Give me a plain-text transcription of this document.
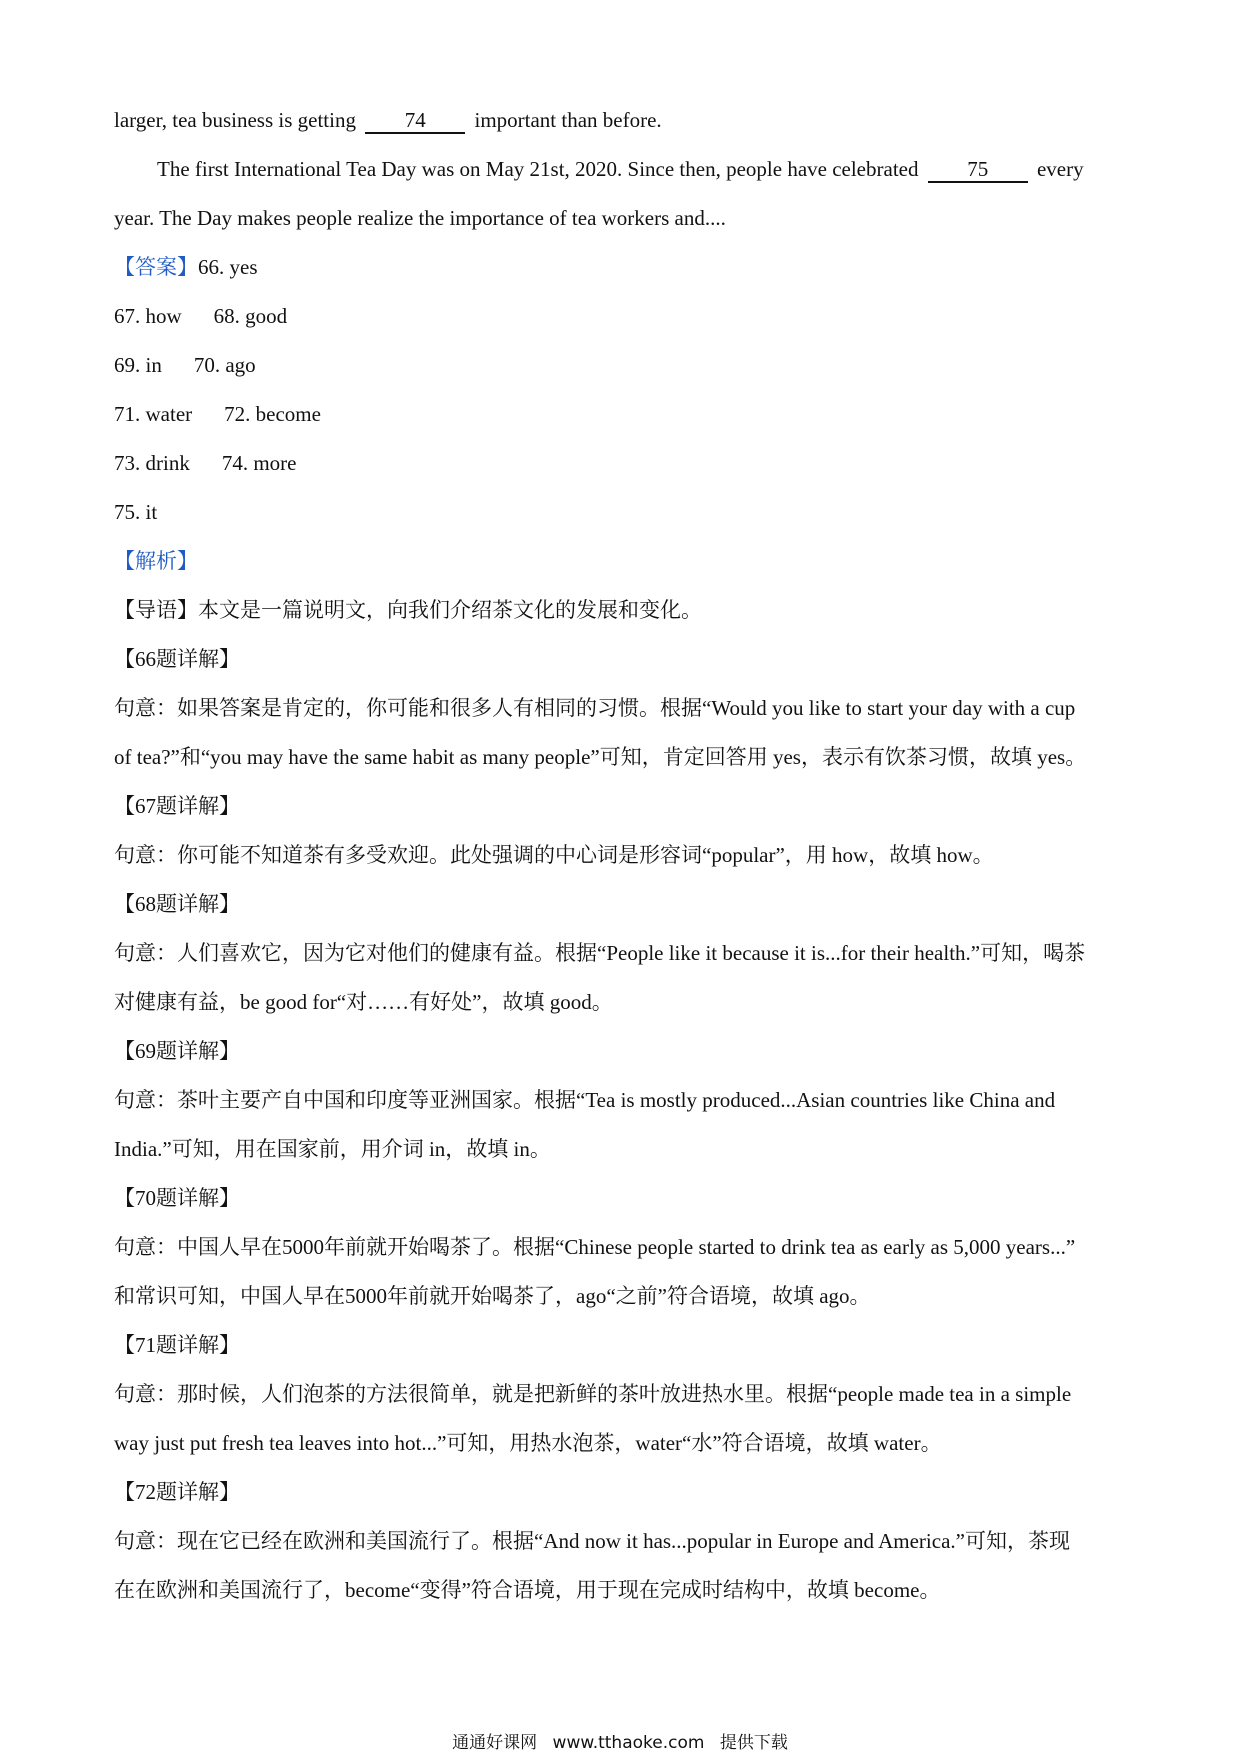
larger, tea business is getting 74 important than before.
The first International Tea Day was on May 21st, 2020. Since then, people have celebrated 75 every
year. The Day makes people realize the importance of tea workers and....
【答案】66. yes
67. how 68. good
69. in 70. ago
71. water 72. become
73. drink 74. more
75. it
【解析】
【导语】本文是一篇说明文，向我们介绍茶文化的发展和变化。
【66题详解】
句意：如果答案是肯定的，你可能和很多人有相同的习惯。根据“Would you like to start your day with a cup
of tea?”和“you may have the same habit as many people”可知，肯定回答用 yes，表示有饮茶习惯，故填 yes。
【67题详解】
句意：你可能不知道茶有多受欢迎。此处强调的中心词是形容词“popular”，用 how，故填 how。
【68题详解】
句意：人们喜欢它，因为它对他们的健康有益。根据“People like it because it is...for their health.”可知，喝茶
对健康有益，be good for“对……有好处”，故填 good。
【69题详解】
句意：茶叶主要产自中国和印度等亚洲国家。根据“Tea is mostly produced...Asian countries like China and
India.”可知，用在国家前，用介词 in，故填 in。
【70题详解】
句意：中国人早在5000年前就开始喝茶了。根据“Chinese people started to drink tea as early as 5,000 years...”
和常识可知，中国人早在5000年前就开始喝茶了，ago“之前”符合语境，故填 ago。
【71题详解】
句意：那时候，人们泡茶的方法很简单，就是把新鲜的茶叶放进热水里。根据“people made tea in a simple
way just put fresh tea leaves into hot...”可知，用热水泡茶，water“水”符合语境，故填 water。
【72题详解】
句意：现在它已经在欧洲和美国流行了。根据“And now it has...popular in Europe and America.”可知，茶现
在在欧洲和美国流行了，become“变得”符合语境，用于现在完成时结构中，故填 become。
通通好课网 www.tthaoke.com 提供下载
